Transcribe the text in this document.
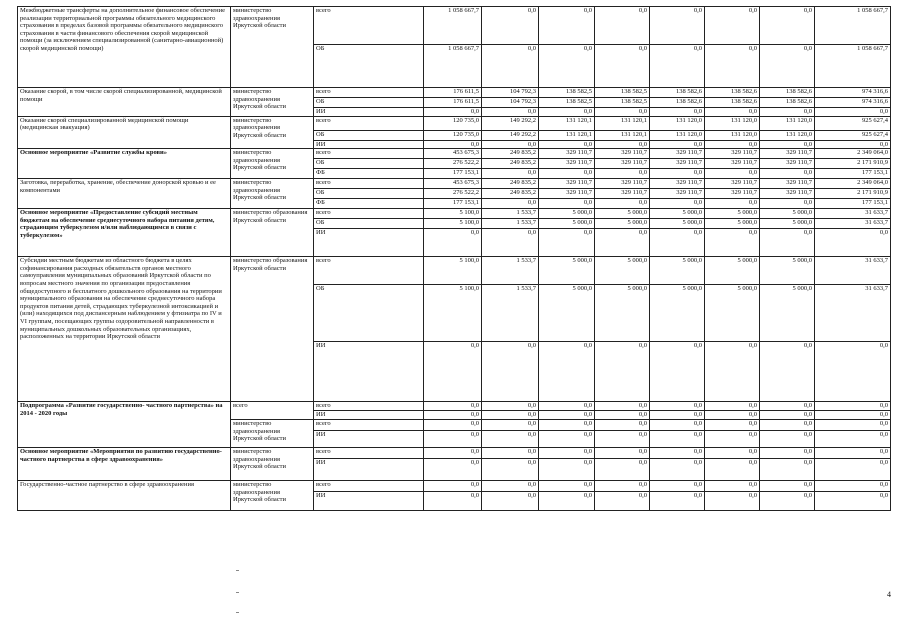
Межбюджетные трансферты на дополнительное финансовое обеспечение реализации территориальной программы обязательного медицинского страхования в пределах базовой программы обязательного медицинского страхования в части финансового обеспечения скорой медицинской помощи (за исключением специализированной (санитарно-авиационной) скорой медицинской помощи)	министерство здравоохранения Иркутской области	всего	1 058 667,7	0,0	0,0	0,0	0,0	0,0	0,0	1 058 667,7
		ОБ	1 058 667,7	0,0	0,0	0,0	0,0	0,0	0,0	1 058 667,7
Оказание скорой, в том числе скорой специализированной, медицинской помощи	министерство здравоохранения Иркутской области	всего	176 611,5	104 792,3	138 582,5	138 582,5	138 582,6	138 582,6	138 582,6	974 316,6
		ОБ	176 611,5	104 792,3	138 582,5	138 582,5	138 582,6	138 582,6	138 582,6	974 316,6
		ИИ	0,0	0,0	0,0	0,0	0,0	0,0	0,0	0,0
Оказание скорой специализированной медицинской помощи (медицинская эвакуация)	министерство здравоохранения Иркутской области	всего	120 735,0	149 292,2	131 120,1	131 120,1	131 120,0	131 120,0	131 120,0	925 627,4
		ОБ	120 735,0	149 292,2	131 120,1	131 120,1	131 120,0	131 120,0	131 120,0	925 627,4
		ИИ	0,0	0,0	0,0	0,0	0,0	0,0	0,0	0,0
Основное мероприятие «Развитие службы крови»	министерство здравоохранения Иркутской области	всего	453 675,3	249 835,2	329 110,7	329 110,7	329 110,7	329 110,7	329 110,7	2 349 064,0
		ОБ	276 522,2	249 835,2	329 110,7	329 110,7	329 110,7	329 110,7	329 110,7	2 171 910,9
		ФБ	177 153,1	0,0	0,0	0,0	0,0	0,0	0,0	177 153,1
Заготовка, переработка, хранение, обеспечение донорской кровью и ее компонентами	министерство здравоохранения Иркутской области	всего	453 675,3	249 835,2	329 110,7	329 110,7	329 110,7	329 110,7	329 110,7	2 349 064,0
		ОБ	276 522,2	249 835,2	329 110,7	329 110,7	329 110,7	329 110,7	329 110,7	2 171 910,9
		ФБ	177 153,1	0,0	0,0	0,0	0,0	0,0	0,0	177 153,1
Основное мероприятие «Предоставление субсидий местным бюджетам на обеспечение среднесуточного набора питания детям, страдающим туберкулезом и/или наблюдающимся в связи с туберкулезом»	министерство образования Иркутской области	всего	5 100,0	1 533,7	5 000,0	5 000,0	5 000,0	5 000,0	5 000,0	31 633,7
		ОБ	5 100,0	1 533,7	5 000,0	5 000,0	5 000,0	5 000,0	5 000,0	31 633,7
		ИИ	0,0	0,0	0,0	0,0	0,0	0,0	0,0	0,0
Субсидии местным бюджетам из областного бюджета в целях софинансирования расходных обязательств органов местного самоуправления муниципальных образований Иркутской области по вопросам местного значения по организации предоставления общедоступного и бесплатного дошкольного образования на территории муниципального образования на обеспечение среднесуточного набора продуктов питания детей, страдающих туберкулезной интоксикацией и (или) находящихся под диспансерным наблюдением у фтизиатра по IV и VI группам, посещающих группы оздоровительной направленности в муниципальных дошкольных образовательных организациях, расположенных на территории Иркутской области	министерство образования Иркутской области	всего	5 100,0	1 533,7	5 000,0	5 000,0	5 000,0	5 000,0	5 000,0	31 633,7
		ОБ	5 100,0	1 533,7	5 000,0	5 000,0	5 000,0	5 000,0	5 000,0	31 633,7
		ИИ	0,0	0,0	0,0	0,0	0,0	0,0	0,0	0,0
Подпрограмма «Развитие государственно- частного партнерства» на 2014 - 2020 годы	всего	всего	0,0	0,0	0,0	0,0	0,0	0,0	0,0	0,0
		ИИ	0,0	0,0	0,0	0,0	0,0	0,0	0,0	0,0
	министерство здравоохранения Иркутской области	всего	0,0	0,0	0,0	0,0	0,0	0,0	0,0	0,0
		ИИ	0,0	0,0	0,0	0,0	0,0	0,0	0,0	0,0
Основное мероприятие «Мероприятия по развитию государственно-частного партнерства в сфере здравоохранения»	министерство здравоохранения Иркутской области	всего	0,0	0,0	0,0	0,0	0,0	0,0	0,0	0,0
		ИИ	0,0	0,0	0,0	0,0	0,0	0,0	0,0	0,0
Государственно-частное партнерство в сфере здравоохранения	министерство здравоохранения Иркутской области	всего	0,0	0,0	0,0	0,0	0,0	0,0	0,0	0,0
		ИИ	0,0	0,0	0,0	0,0	0,0	0,0	0,0	0,0
4
